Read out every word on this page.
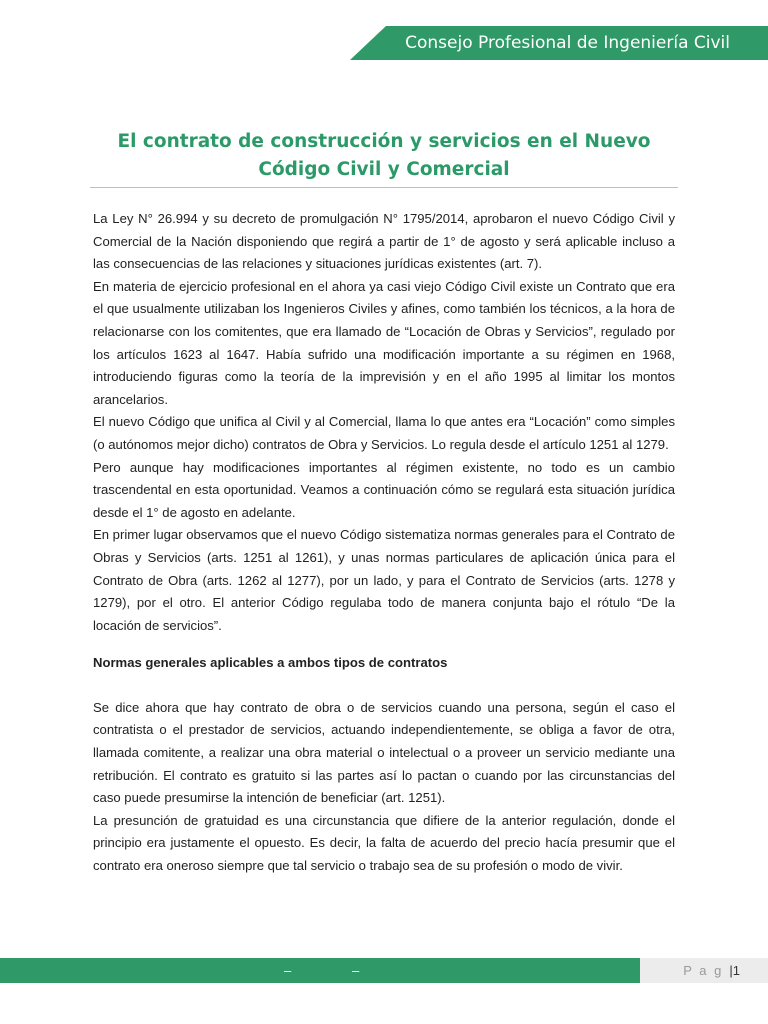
Consejo Profesional de Ingeniería Civil
El contrato de construcción y servicios en el Nuevo Código Civil y Comercial

La Ley N° 26.994 y su decreto de promulgación N° 1795/2014, aprobaron el nuevo Código Civil y Comercial de la Nación disponiendo que regirá a partir de 1° de agosto y será aplicable incluso a las consecuencias de las relaciones y situaciones jurídicas existentes (art. 7).

En materia de ejercicio profesional en el ahora ya casi viejo Código Civil existe un Contrato que era el que usualmente utilizaban los Ingenieros Civiles y afines, como también los técnicos, a la hora de relacionarse con los comitentes, que era llamado de “Locación de Obras y Servicios”, regulado por los artículos 1623 al 1647. Había sufrido una modificación importante a su régimen en 1968, introduciendo figuras como la teoría de la imprevisión y en el año 1995 al limitar los montos arancelarios.

El nuevo Código que unifica al Civil y al Comercial, llama lo que antes era “Locación” como simples (o autónomos mejor dicho) contratos de Obra y Servicios. Lo regula desde el artículo 1251 al 1279.

Pero aunque hay modificaciones importantes al régimen existente, no todo es un cambio trascendental en esta oportunidad. Veamos a continuación cómo se regulará esta situación jurídica desde el 1° de agosto en adelante.

En primer lugar observamos que el nuevo Código sistematiza normas generales para el Contrato de Obras y Servicios (arts. 1251 al 1261), y unas normas particulares de aplicación única para el Contrato de Obra (arts. 1262 al 1277), por un lado, y para el Contrato de Servicios (arts. 1278 y 1279), por el otro. El anterior Código regulaba todo de manera conjunta bajo el rótulo “De la locación de servicios”.

Normas generales aplicables a ambos tipos de contratos

Se dice ahora que hay contrato de obra o de servicios cuando una persona, según el caso el contratista o el prestador de servicios, actuando independientemente, se obliga a favor de otra, llamada comitente, a realizar una obra material o intelectual o a proveer un servicio mediante una retribución. El contrato es gratuito si las partes así lo pactan o cuando por las circunstancias del caso puede presumirse la intención de beneficiar (art. 1251).

La presunción de gratuidad es una circunstancia que difiere de la anterior regulación, donde el principio era justamente el opuesto. Es decir, la falta de acuerdo del precio hacía presumir que el contrato era oneroso siempre que tal servicio o trabajo sea de su profesión o modo de vivir.

–	–	P a g |1
